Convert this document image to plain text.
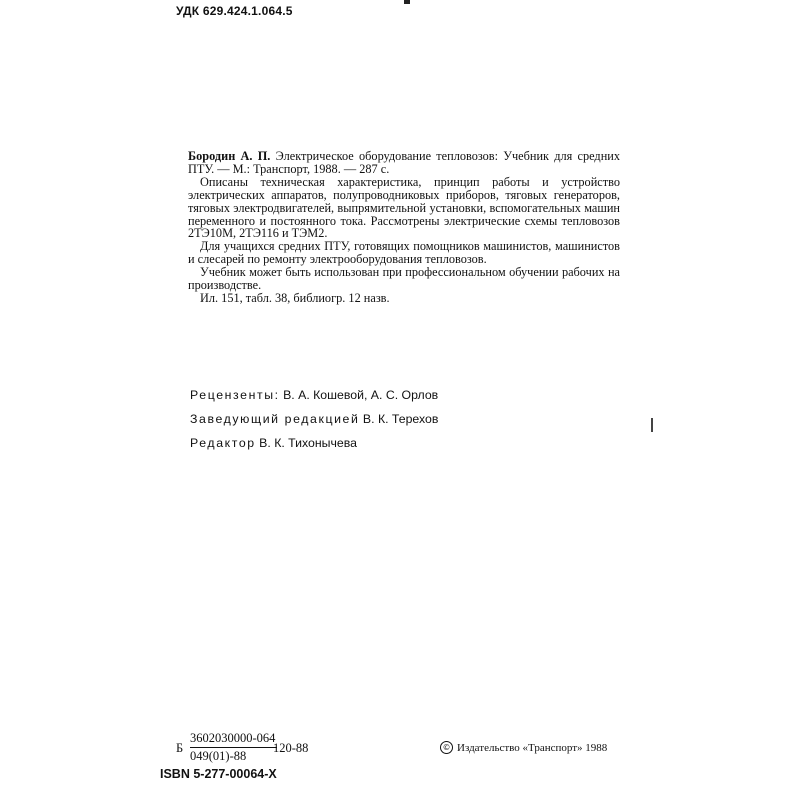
УДК 629.424.1.064.5

Бородин А. П. Электрическое оборудование тепловозов: Учебник для средних ПТУ. — М.: Транспорт, 1988. — 287 с.

Описаны техническая характеристика, принцип работы и устройство электрических аппаратов, полупроводниковых приборов, тяговых генераторов, тяговых электродвигателей, выпрямительной установки, вспомогательных машин переменного и постоянного тока. Рассмотрены электрические схемы тепловозов 2ТЭ10М, 2ТЭ116 и ТЭМ2.

Для учащихся средних ПТУ, готовящих помощников машинистов, машинистов и слесарей по ремонту электрооборудования тепловозов.

Учебник может быть использован при профессиональном обучении рабочих на производстве.

Ил. 151, табл. 38, библиогр. 12 назв.

Рецензенты: В. А. Кошевой, А. С. Орлов
Заведующий редакцией В. К. Терехов
Редактор В. К. Тихонычева
Б $\frac{3602030000-064}{049(01)-88}$
120-88
ISBN 5-277-00064-X
© Издательство «Транспорт» 1988
